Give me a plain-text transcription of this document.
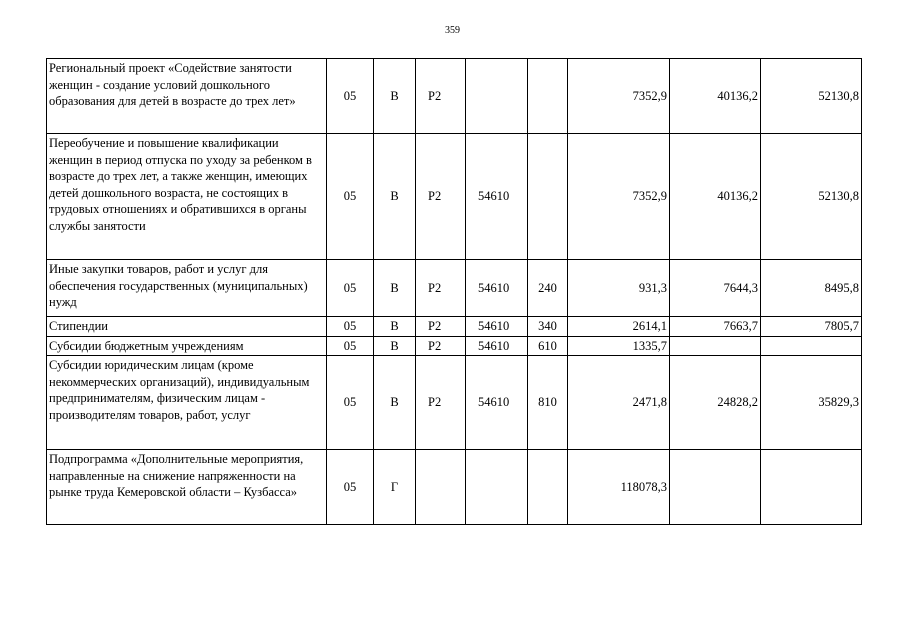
359
Региональный проект «Содействие занятости женщин - создание условий дошкольного образования для детей в возрасте до трех лет»	05	В	Р2			7352,9	40136,2	52130,8
Переобучение и повышение квалификации женщин в период отпуска по уходу за ребенком в возрасте до трех лет, а также женщин, имеющих детей дошкольного возраста, не состоящих в трудовых отношениях и обратившихся в органы службы занятости	05	В	Р2	54610		7352,9	40136,2	52130,8
Иные закупки товаров, работ и услуг для обеспечения государственных (муниципальных) нужд	05	В	Р2	54610	240	931,3	7644,3	8495,8
Стипендии	05	В	Р2	54610	340	2614,1	7663,7	7805,7
Субсидии бюджетным учреждениям	05	В	Р2	54610	610	1335,7		
Субсидии юридическим лицам (кроме некоммерческих организаций), индивидуальным предпринимателям, физическим лицам - производителям товаров, работ, услуг	05	В	Р2	54610	810	2471,8	24828,2	35829,3
Подпрограмма «Дополнительные мероприятия, направленные на снижение напряженности на рынке труда Кемеровской области – Кузбасса»	05	Г				118078,3		
